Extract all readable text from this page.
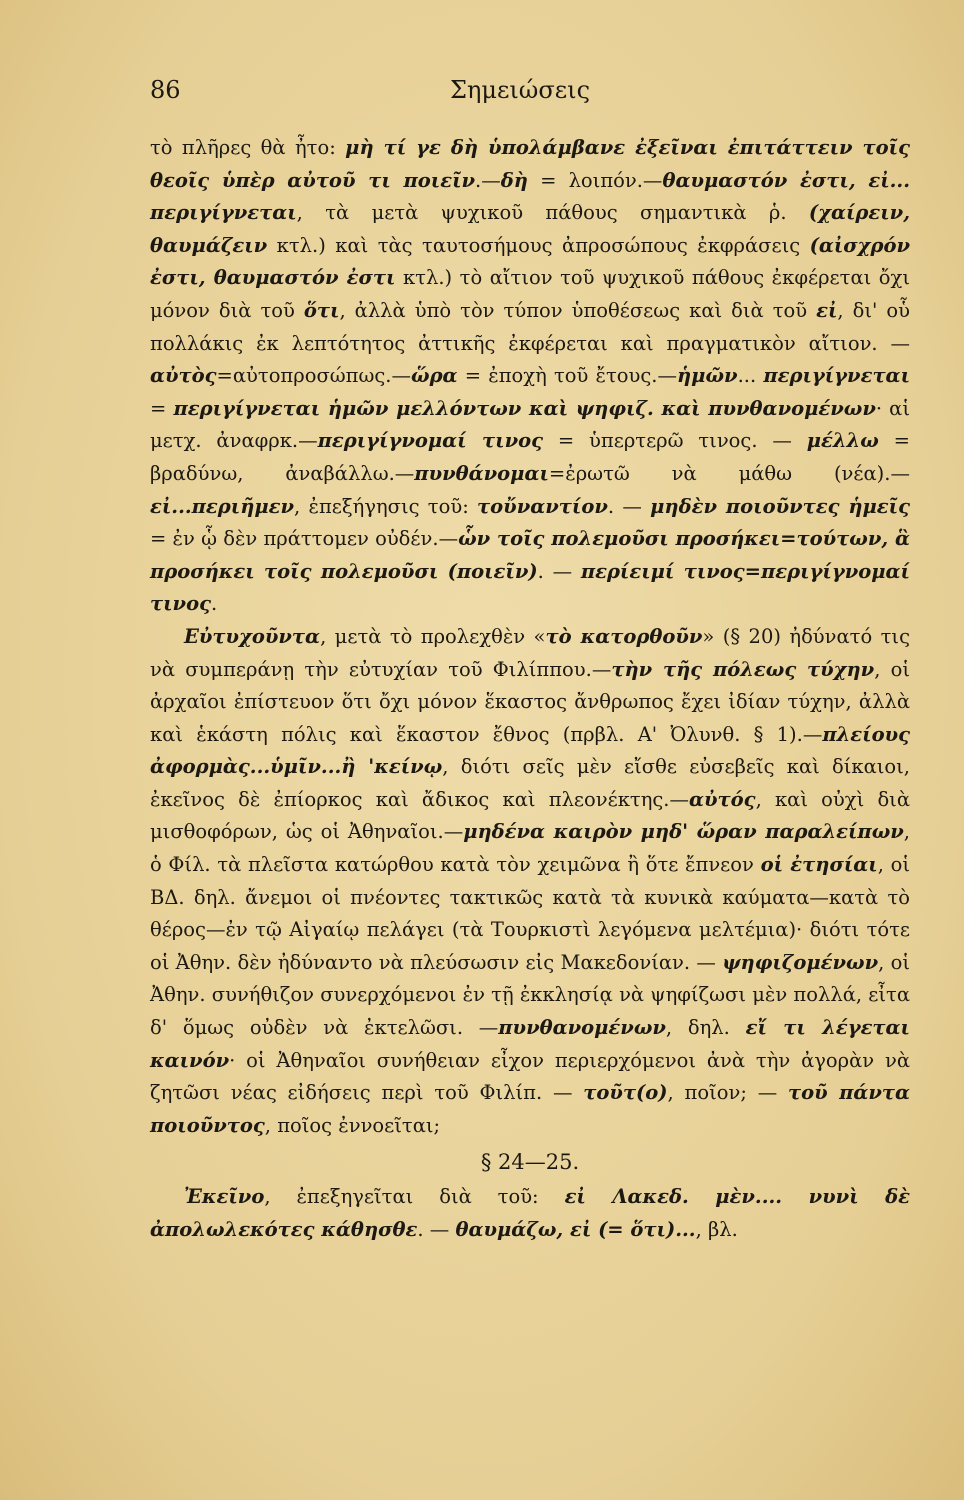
86	Σημειώσεις

τὸ πλῆρες θὰ ἦτο: μὴ τί γε δὴ ὑπολάμβανε ἐξεῖναι ἐπιτάττειν τοῖς θεοῖς ὑπὲρ αὐτοῦ τι ποιεῖν.—δὴ = λοιπόν.—θαυμαστόν ἐστι, εἰ... περιγίγνεται, τὰ μετὰ ψυχικοῦ πάθους σημαντικὰ ῥ. (χαίρειν, θαυμάζειν κτλ.) καὶ τὰς ταυτοσήμους ἀπροσώπους ἐκφράσεις (αἰσχρόν ἐστι, θαυμαστόν ἐστι κτλ.) τὸ αἴτιον τοῦ ψυχικοῦ πάθους ἐκφέρεται ὄχι μόνον διὰ τοῦ ὅτι, ἀλλὰ ὑπὸ τὸν τύπον ὑποθέσεως καὶ διὰ τοῦ εἰ, δι' οὗ πολλάκις ἐκ λεπτότητος ἀττικῆς ἐκφέρεται καὶ πραγματικὸν αἴτιον. — αὐτὸς=αὐτοπροσώπως.—ὥρα = ἐποχὴ τοῦ ἔτους.—ἡμῶν... περιγίγνεται = περιγίγνεται ἡμῶν μελλόντων καὶ ψηφιζ. καὶ πυνθανομένων· αἱ μετχ. ἀναφρκ.—περιγίγνομαί τινος = ὑπερτερῶ τινος. — μέλλω = βραδύνω, ἀναβάλλω.—πυνθάνομαι=ἐρωτῶ νὰ μάθω (νέα).—εἰ...περιῆμεν, ἐπεξήγησις τοῦ: τοὔναντίον. — μηδὲν ποιοῦντες ἡμεῖς = ἐν ᾧ δὲν πράττομεν οὐδέν.—ὧν τοῖς πολεμοῦσι προσήκει=τούτων, ἃ προσήκει τοῖς πολεμοῦσι (ποιεῖν). — περίειμί τινος=περιγίγνομαί τινος.

Εὐτυχοῦντα, μετὰ τὸ προλεχθὲν «τὸ κατορθοῦν» (§ 20) ἠδύνατό τις νὰ συμπεράνῃ τὴν εὐτυχίαν τοῦ Φιλίππου.—τὴν τῆς πόλεως τύχην, οἱ ἀρχαῖοι ἐπίστευον ὅτι ὄχι μόνον ἕκαστος ἄνθρωπος ἔχει ἰδίαν τύχην, ἀλλὰ καὶ ἑκάστη πόλις καὶ ἕκαστον ἔθνος (πρβλ. Α' Ὀλυνθ. § 1).—πλείους ἀφορμὰς...ὑμῖν...ἢ 'κείνῳ, διότι σεῖς μὲν εἴσθε εὐσεβεῖς καὶ δίκαιοι, ἐκεῖνος δὲ ἐπίορκος καὶ ἄδικος καὶ πλεονέκτης.—αὐτός, καὶ οὐχὶ διὰ μισθοφόρων, ὡς οἱ Ἀθηναῖοι.—μηδένα καιρὸν μηδ' ὥραν παραλείπων, ὁ Φίλ. τὰ πλεῖστα κατώρθου κατὰ τὸν χειμῶνα ἢ ὅτε ἔπνεον οἱ ἐτησίαι, οἱ ΒΔ. δηλ. ἄνεμοι οἱ πνέοντες τακτικῶς κατὰ τὰ κυνικὰ καύματα—κατὰ τὸ θέρος—ἐν τῷ Αἰγαίῳ πελάγει (τὰ Τουρκιστὶ λεγόμενα μελτέμια)· διότι τότε οἱ Ἀθην. δὲν ἠδύναντο νὰ πλεύσωσιν εἰς Μακεδονίαν. — ψηφιζομένων, οἱ Ἀθην. συνήθιζον συνερχόμενοι ἐν τῇ ἐκκλησίᾳ νὰ ψηφίζωσι μὲν πολλά, εἶτα δ' ὅμως οὐδὲν νὰ ἐκτελῶσι. —πυνθανομένων, δηλ. εἴ τι λέγεται καινόν· οἱ Ἀθηναῖοι συνήθειαν εἶχον περιερχόμενοι ἀνὰ τὴν ἀγορὰν νὰ ζητῶσι νέας εἰδήσεις περὶ τοῦ Φιλίπ. — τοῦτ(ο), ποῖον; — τοῦ πάντα ποιοῦντος, ποῖος ἐννοεῖται;

§ 24—25.

Ἐκεῖνο, ἐπεξηγεῖται διὰ τοῦ: εἰ Λακεδ. μὲν.... νυνὶ δὲ ἀπολωλεκότες κάθησθε. — θαυμάζω, εἰ (= ὅτι)..., βλ.
